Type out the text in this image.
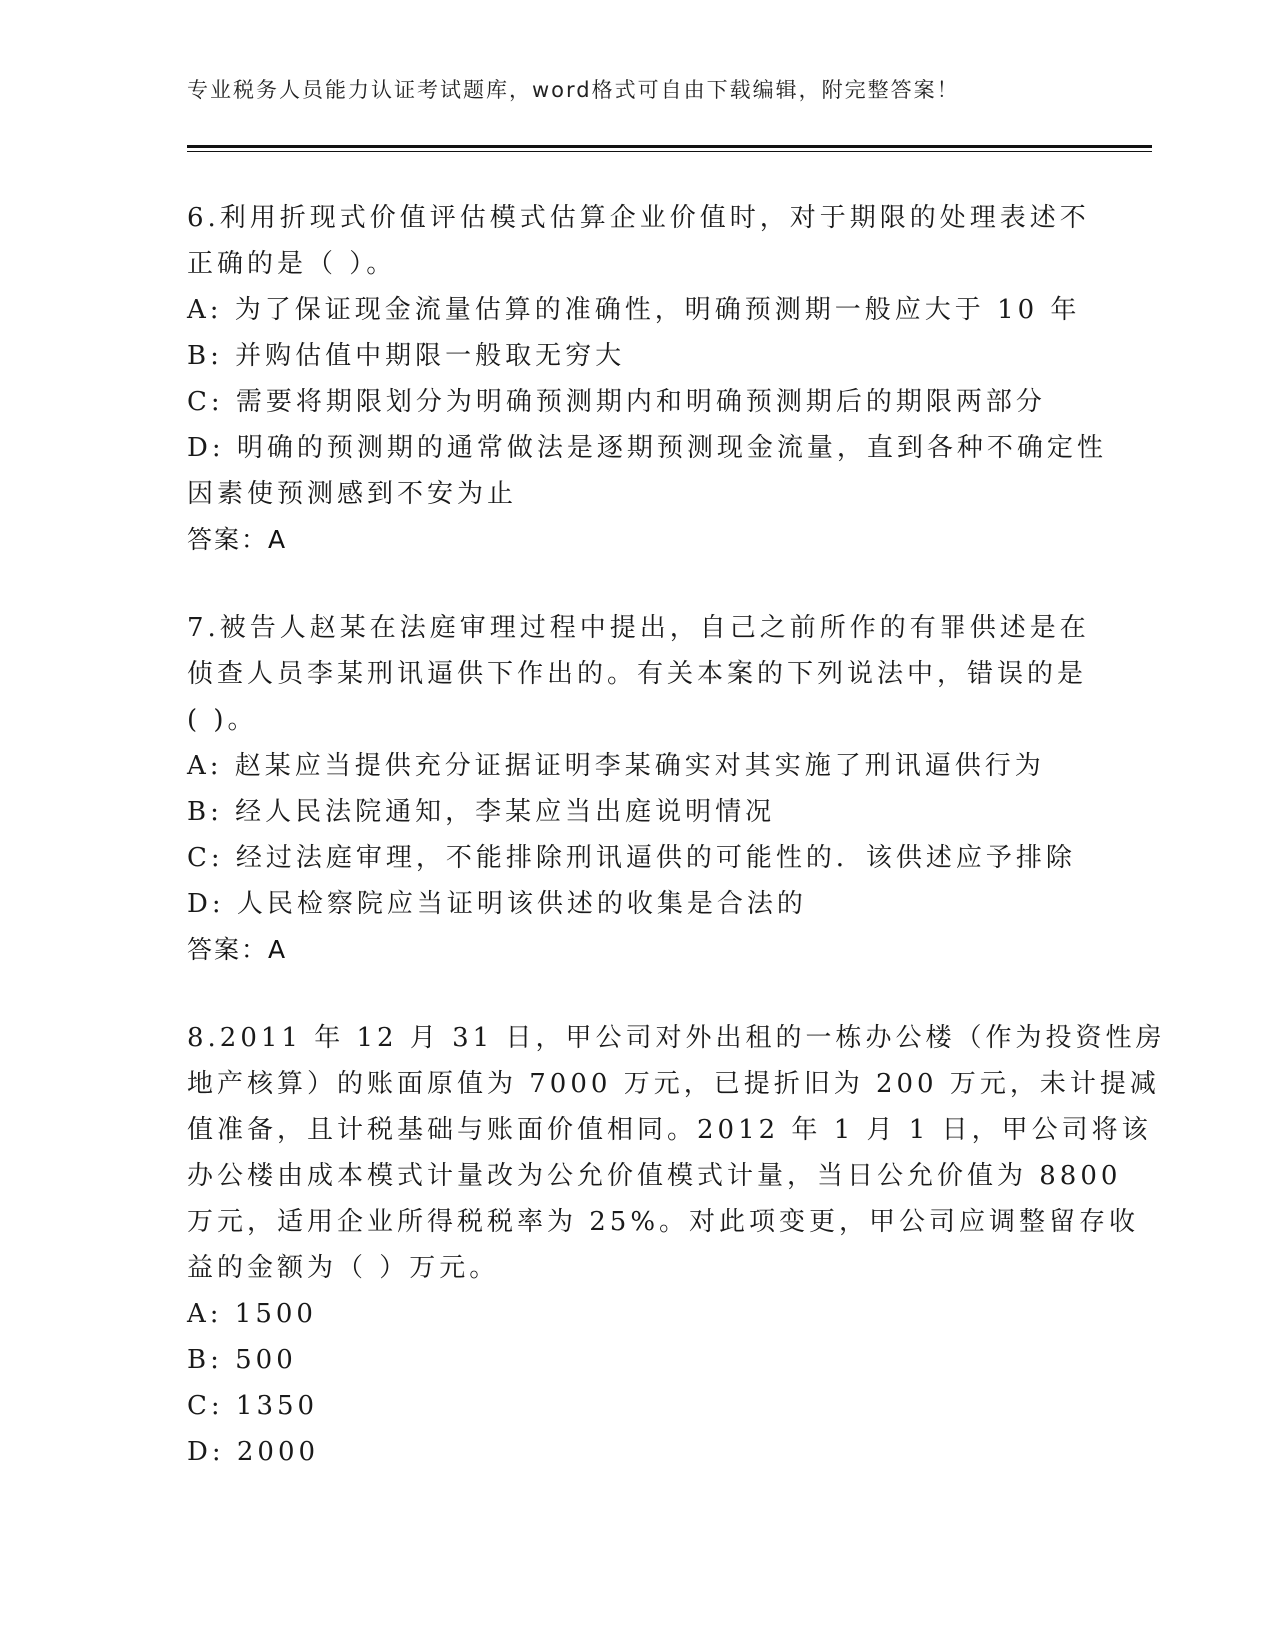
专业税务人员能力认证考试题库，word格式可自由下载编辑，附完整答案！
6.利用折现式价值评估模式估算企业价值时，对于期限的处理表述不
正确的是（ ）。
A: 为了保证现金流量估算的准确性，明确预测期一般应大于 10 年
B: 并购估值中期限一般取无穷大
C: 需要将期限划分为明确预测期内和明确预测期后的期限两部分
D: 明确的预测期的通常做法是逐期预测现金流量，直到各种不确定性
因素使预测感到不安为止
答案：A
7.被告人赵某在法庭审理过程中提出，自己之前所作的有罪供述是在
侦查人员李某刑讯逼供下作出的。有关本案的下列说法中，错误的是
( )。
A: 赵某应当提供充分证据证明李某确实对其实施了刑讯逼供行为
B: 经人民法院通知，李某应当出庭说明情况
C: 经过法庭审理，不能排除刑讯逼供的可能性的．该供述应予排除
D: 人民检察院应当证明该供述的收集是合法的
答案：A
8.2011 年 12 月 31 日，甲公司对外出租的一栋办公楼（作为投资性房
地产核算）的账面原值为 7000 万元，已提折旧为 200 万元，未计提减
值准备，且计税基础与账面价值相同。2012 年 1 月 1 日，甲公司将该
办公楼由成本模式计量改为公允价值模式计量，当日公允价值为 8800
万元，适用企业所得税税率为 25%。对此项变更，甲公司应调整留存收
益的金额为（ ）万元。
A: 1500
B: 500
C: 1350
D: 2000
